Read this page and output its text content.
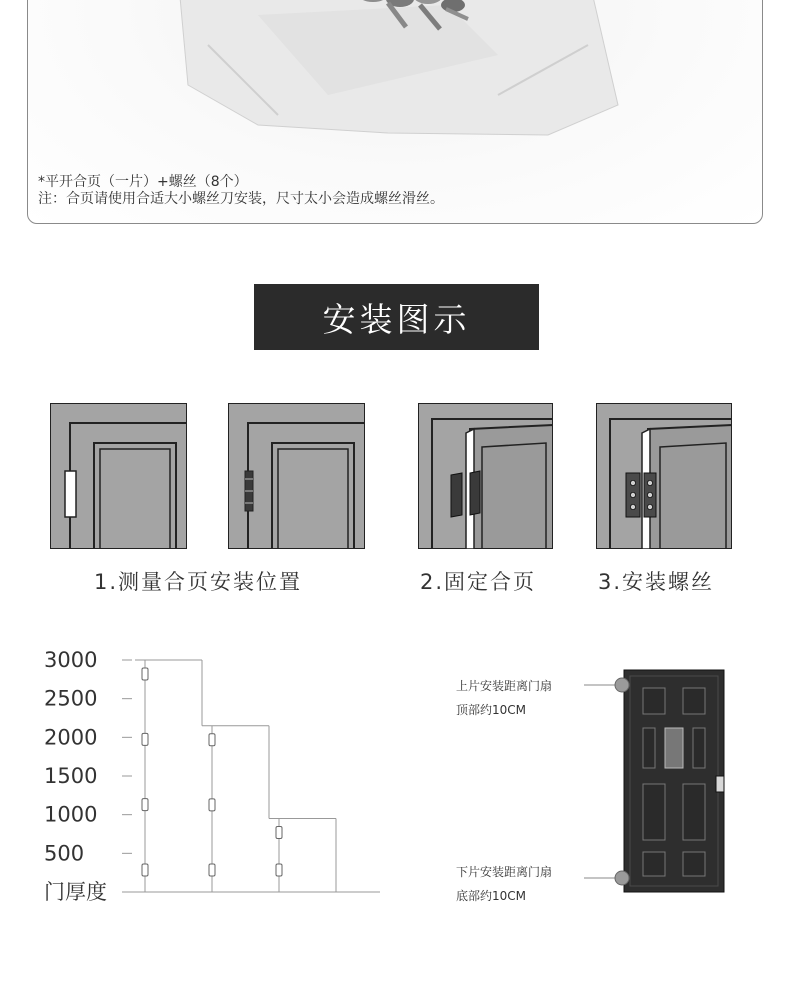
*平开合页（一片）+螺丝（8个）
注：合页请使用合适大小螺丝刀安装，尺寸太小会造成螺丝滑丝。
安装图示
1.测量合页安装位置	2.固定合页	3.安装螺丝
3000
2500
2000
1500
1000
500
门厚度
上片安装距离门扇
顶部约10CM
下片安装距离门扇
底部约10CM
